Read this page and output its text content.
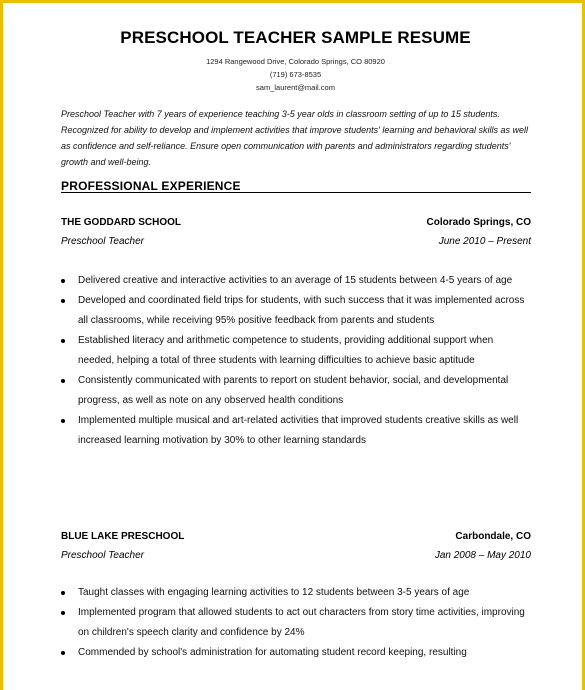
PRESCHOOL TEACHER SAMPLE RESUME
1294 Rangewood Drive, Colorado Springs, CO 80920
(719) 673-8535
sam_laurent@mail.com

Preschool Teacher with 7 years of experience teaching 3-5 year olds in classroom setting of up to 15 students. Recognized for ability to develop and implement activities that improve students' learning and behavioral skills as well as confidence and self-reliance. Ensure open communication with parents and administrators regarding students' growth and well-being.

PROFESSIONAL EXPERIENCE
THE GODDARD SCHOOL	Colorado Springs, CO
Preschool Teacher	June 2010 – Present
Delivered creative and interactive activities to an average of 15 students between 4-5 years of age
Developed and coordinated field trips for students, with such success that it was implemented across all classrooms, while receiving 95% positive feedback from parents and students
Established literacy and arithmetic competence to students, providing additional support when needed, helping a total of three students with learning difficulties to achieve basic aptitude
Consistently communicated with parents to report on student behavior, social, and developmental progress, as well as note on any observed health conditions
Implemented multiple musical and art-related activities that improved students creative skills as well increased learning motivation by 30% to other learning standards
BLUE LAKE PRESCHOOL	Carbondale, CO
Preschool Teacher	Jan 2008 – May 2010
Taught classes with engaging learning activities to 12 students between 3-5 years of age
Implemented program that allowed students to act out characters from story time activities, improving on children's speech clarity and confidence by 24%
Commended by school's administration for automating student record keeping, resulting
